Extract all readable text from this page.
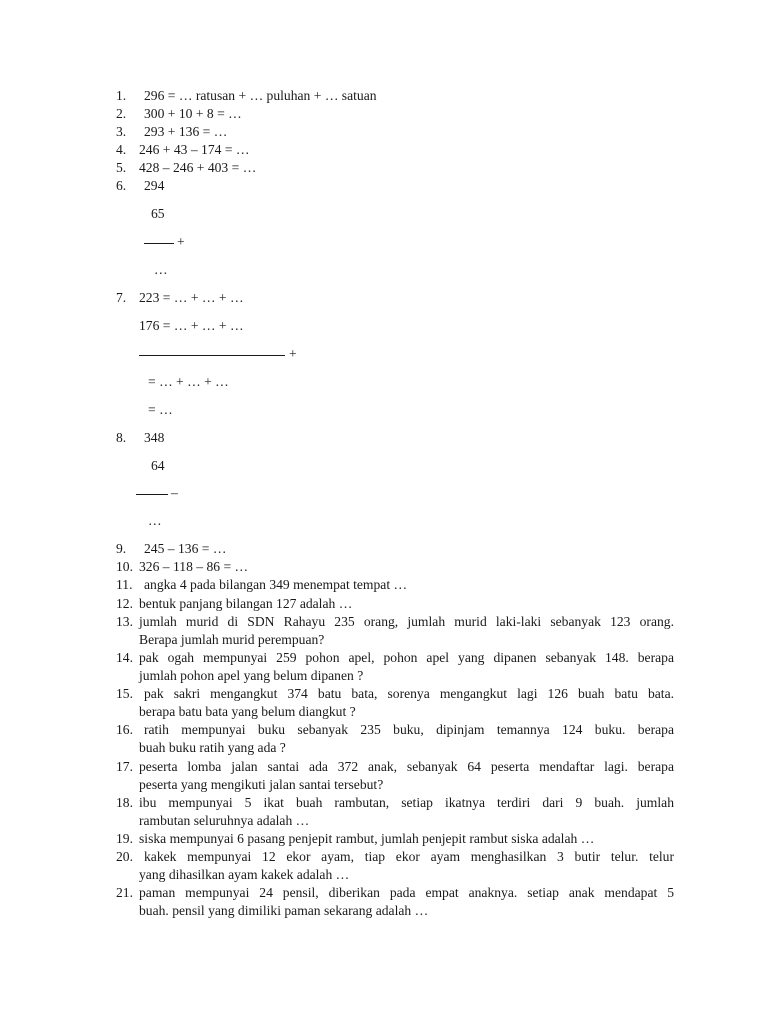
1. 296 = … ratusan + … puluhan + … satuan
2. 300 + 10 + 8 = …
3. 293 + 136 = …
4. 246 + 43 – 174 = …
5. 428 – 246 + 403 = …
6. 294
65
+
…
7. 223 = … + … + …
176 = … + … + …
+
= … + … + …
= …
8. 348
64
–
…
9. 245 – 136 = …
10. 326 – 118 – 86 = …
11. angka 4 pada bilangan 349 menempat tempat …
12. bentuk panjang bilangan 127 adalah …
13. jumlah murid di SDN Rahayu 235 orang, jumlah murid laki-laki sebanyak 123 orang.
Berapa jumlah murid perempuan?
14. pak ogah mempunyai 259 pohon apel, pohon apel yang dipanen sebanyak 148. berapa
jumlah pohon apel yang belum dipanen ?
15. pak sakri mengangkut 374 batu bata, sorenya mengangkut lagi 126 buah batu bata.
berapa batu bata yang belum diangkut ?
16. ratih mempunyai buku sebanyak 235 buku, dipinjam temannya 124 buku. berapa
buah buku ratih yang ada ?
17. peserta lomba jalan santai ada 372 anak, sebanyak 64 peserta mendaftar lagi. berapa
peserta yang mengikuti jalan santai tersebut?
18. ibu mempunyai 5 ikat buah rambutan, setiap ikatnya terdiri dari 9 buah. jumlah
rambutan seluruhnya adalah …
19. siska mempunyai 6 pasang penjepit rambut, jumlah penjepit rambut siska adalah …
20. kakek mempunyai 12 ekor ayam, tiap ekor ayam menghasilkan 3 butir telur. telur
yang dihasilkan ayam kakek adalah …
21. paman mempunyai 24 pensil, diberikan pada empat anaknya. setiap anak mendapat 5
buah. pensil yang dimiliki paman sekarang adalah …
